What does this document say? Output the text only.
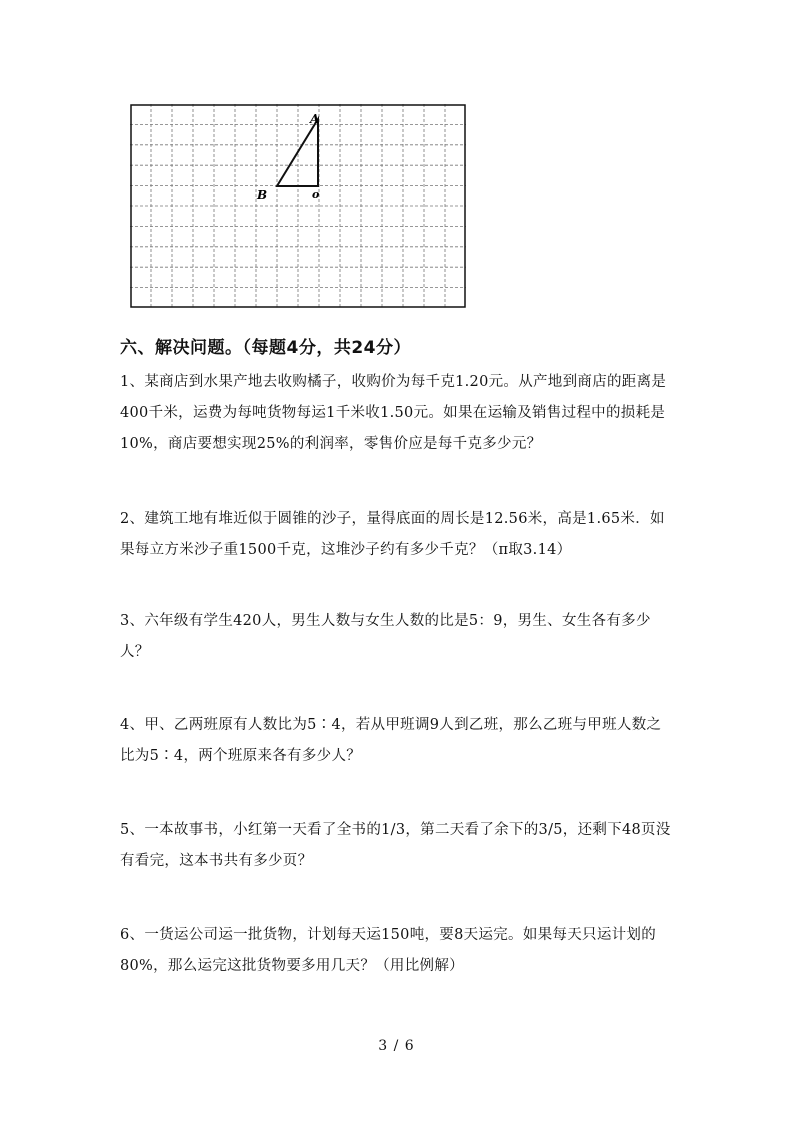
A
B	o
六、解决问题。（每题4分，共24分）

1、某商店到水果产地去收购橘子，收购价为每千克1.20元。从产地到商店的距离是400千米，运费为每吨货物每运1千米收1.50元。如果在运输及销售过程中的损耗是10%，商店要想实现25%的利润率，零售价应是每千克多少元？

2、建筑工地有堆近似于圆锥的沙子，量得底面的周长是12.56米，高是1.65米．如果每立方米沙子重1500千克，这堆沙子约有多少千克？（π取3.14）

3、六年级有学生420人，男生人数与女生人数的比是5：9，男生、女生各有多少人？

4、甲、乙两班原有人数比为5∶4，若从甲班调9人到乙班，那么乙班与甲班人数之比为5∶4，两个班原来各有多少人？

5、一本故事书，小红第一天看了全书的1/3，第二天看了余下的3/5，还剩下48页没有看完，这本书共有多少页？

6、一货运公司运一批货物，计划每天运150吨，要8天运完。如果每天只运计划的80%，那么运完这批货物要多用几天？（用比例解）

3 / 6
